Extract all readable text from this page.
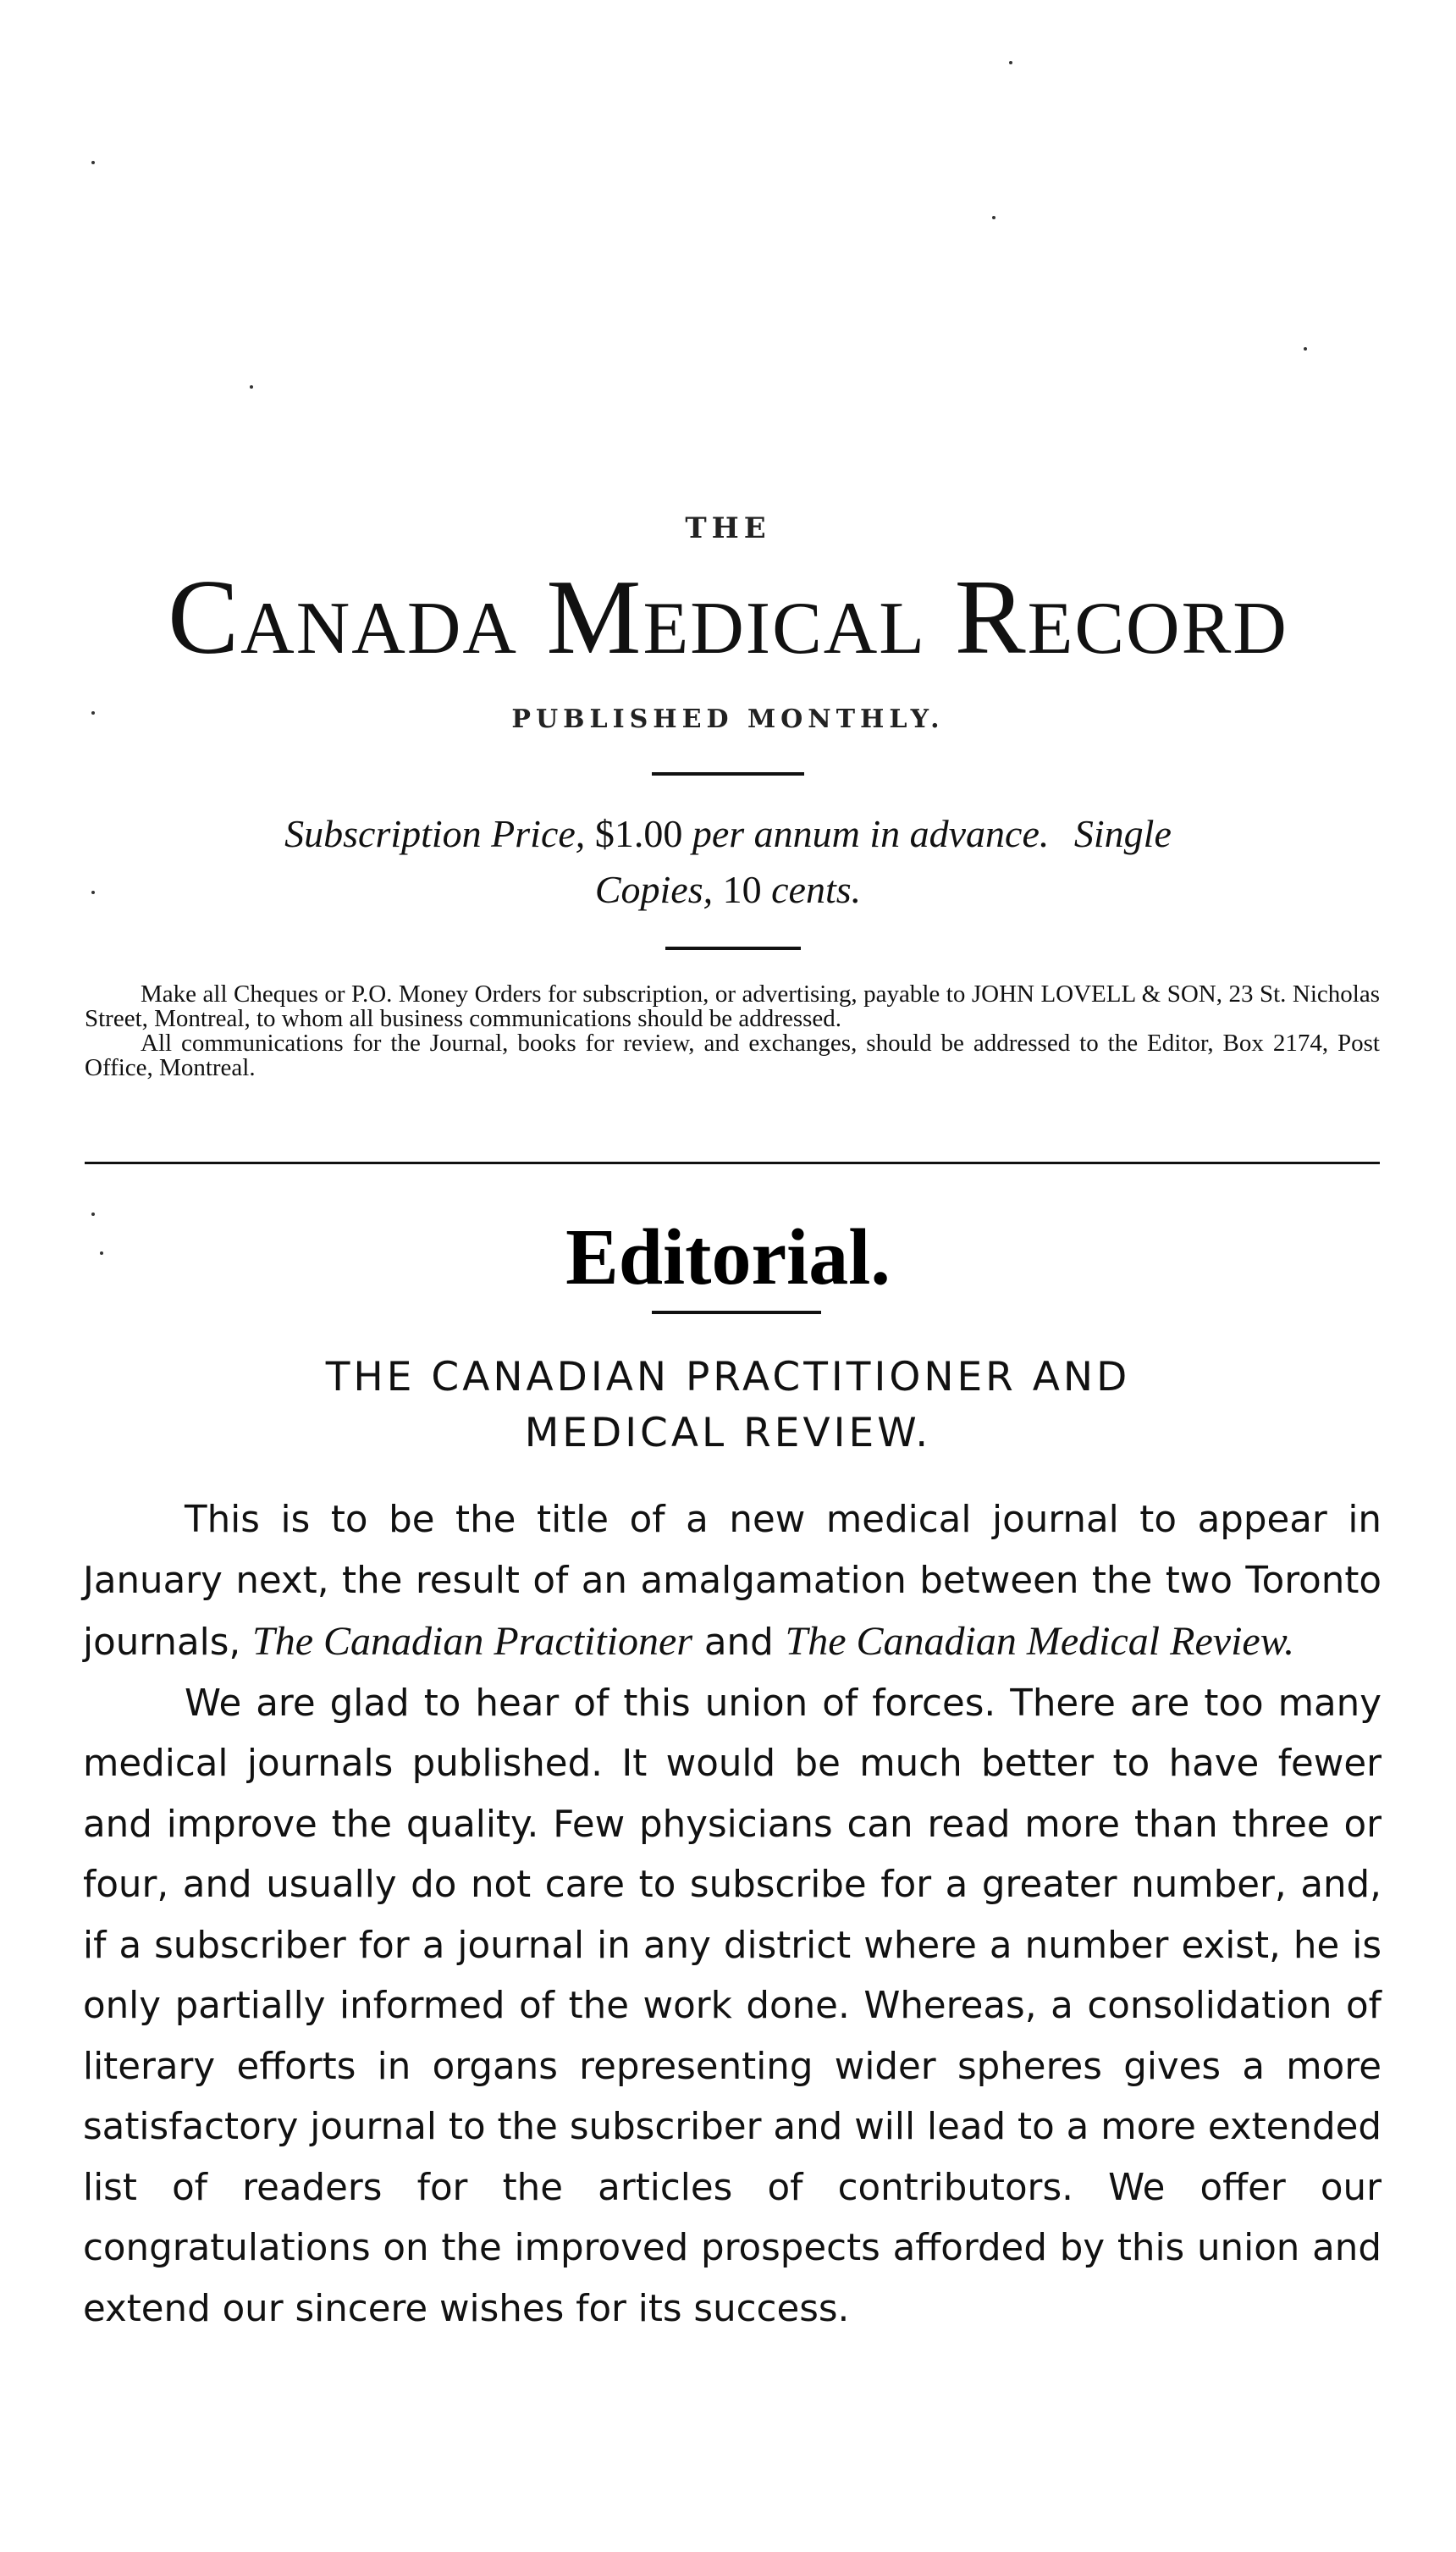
THE
Canada Medical Record
PUBLISHED MONTHLY.
Subscription Price, $1.00 per annum in advance. Single
Copies, 10 cents.

Make all Cheques or P.O. Money Orders for subscription, or advertising, payable to JOHN LOVELL & SON, 23 St. Nicholas Street, Montreal, to whom all business communications should be addressed.

All communications for the Journal, books for review, and exchanges, should be addressed to the Editor, Box 2174, Post Office, Montreal.

Editorial.
THE CANADIAN PRACTITIONER AND
MEDICAL REVIEW.

This is to be the title of a new medical journal to appear in January next, the result of an amalgamation between the two Toronto journals, The Canadian Practitioner and The Canadian Medical Review.

We are glad to hear of this union of forces. There are too many medical journals published. It would be much better to have fewer and improve the quality. Few physicians can read more than three or four, and usually do not care to subscribe for a greater number, and, if a subscriber for a journal in any district where a number exist, he is only partially informed of the work done. Whereas, a consolidation of literary efforts in organs representing wider spheres gives a more satisfactory journal to the subscriber and will lead to a more extended list of readers for the articles of contributors. We offer our congratulations on the improved prospects afforded by this union and extend our sincere wishes for its success.
